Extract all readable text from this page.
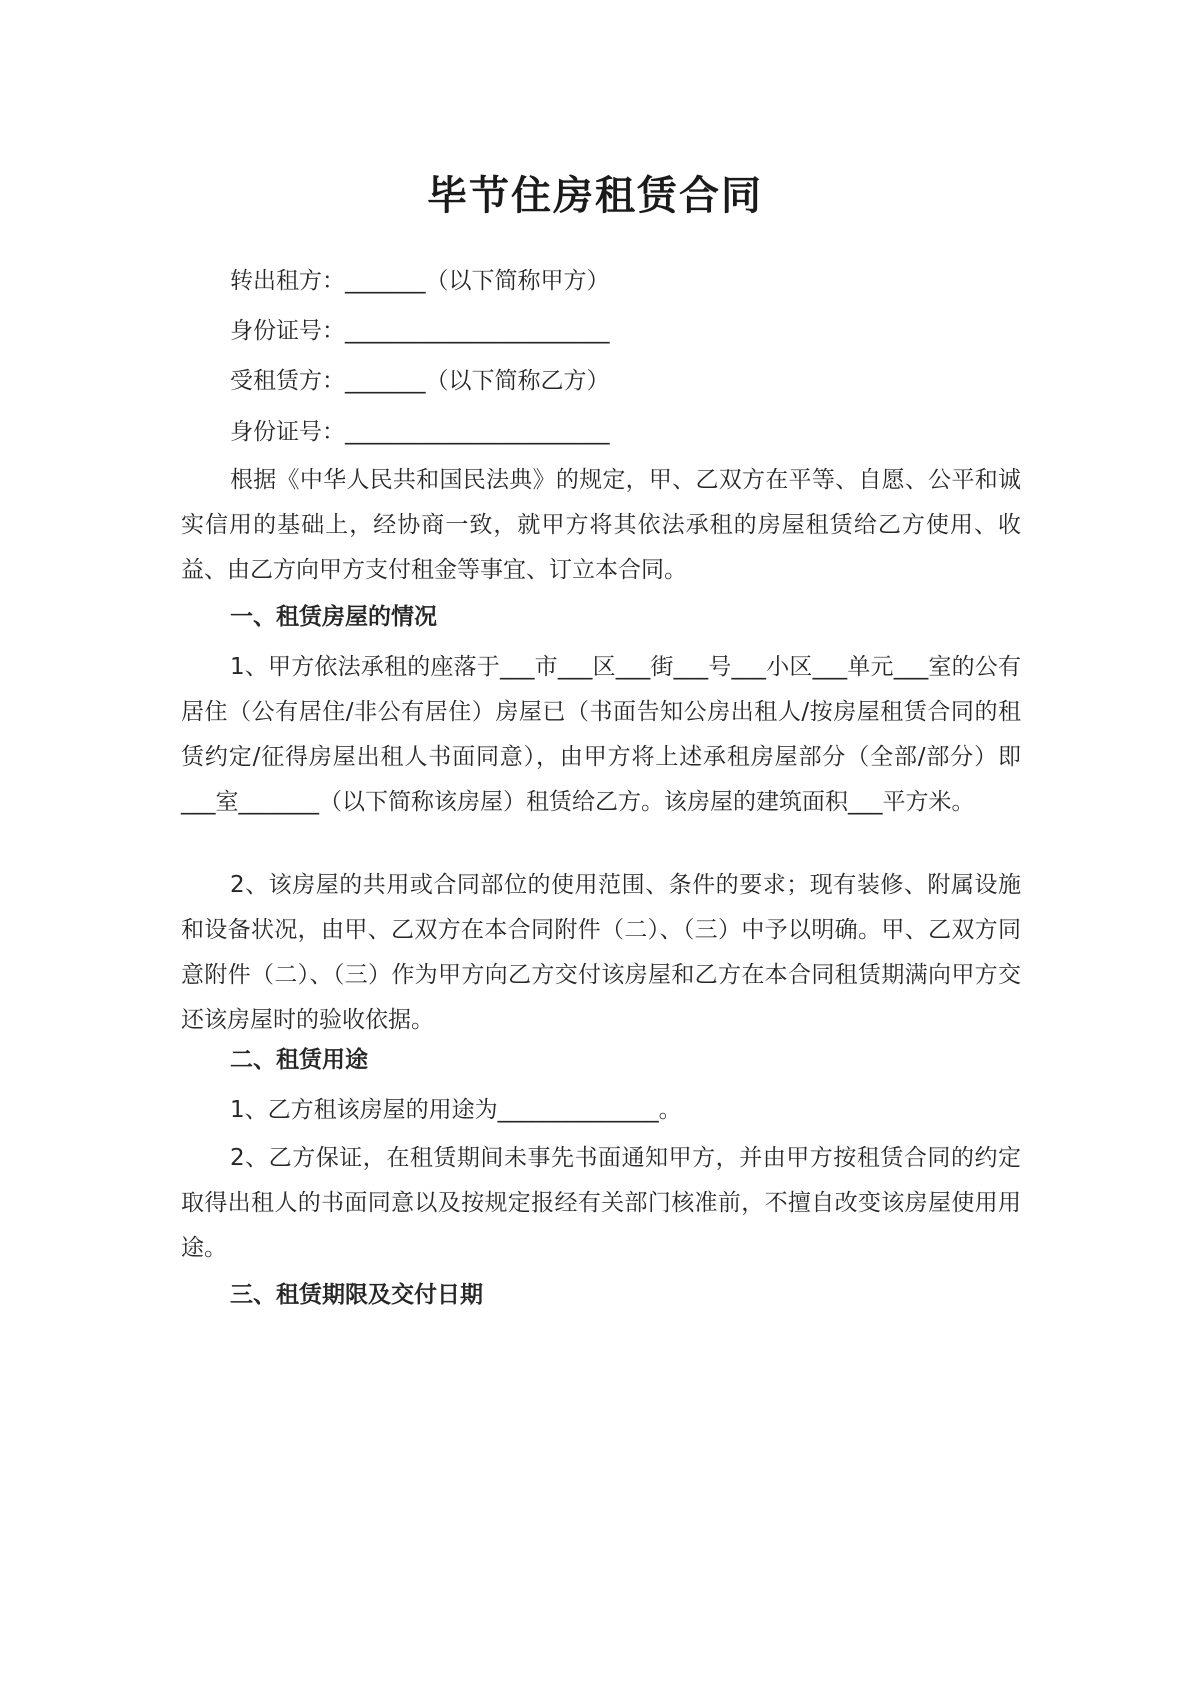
毕节住房租赁合同
转出租方：_______（以下简称甲方）
身份证号：_______________________
受租赁方：_______（以下简称乙方）
身份证号：_______________________
根据《中华人民共和国民法典》的规定，甲、乙双方在平等、自愿、公平和诚实信用的基础上，经协商一致，就甲方将其依法承租的房屋租赁给乙方使用、收益、由乙方向甲方支付租金等事宜、订立本合同。
一、租赁房屋的情况
1、甲方依法承租的座落于___市___区___街___号___小区___单元___室的公有居住（公有居住/非公有居住）房屋已（书面告知公房出租人/按房屋租赁合同的租赁约定/征得房屋出租人书面同意），由甲方将上述承租房屋部分（全部/部分）即___室_______（以下简称该房屋）租赁给乙方。该房屋的建筑面积___平方米。
2、该房屋的共用或合同部位的使用范围、条件的要求；现有装修、附属设施和设备状况，由甲、乙双方在本合同附件（二）、（三）中予以明确。甲、乙双方同意附件（二）、（三）作为甲方向乙方交付该房屋和乙方在本合同租赁期满向甲方交还该房屋时的验收依据。
二、租赁用途
1、乙方租该房屋的用途为______________。
2、乙方保证，在租赁期间未事先书面通知甲方，并由甲方按租赁合同的约定取得出租人的书面同意以及按规定报经有关部门核准前，不擅自改变该房屋使用用途。
三、租赁期限及交付日期
